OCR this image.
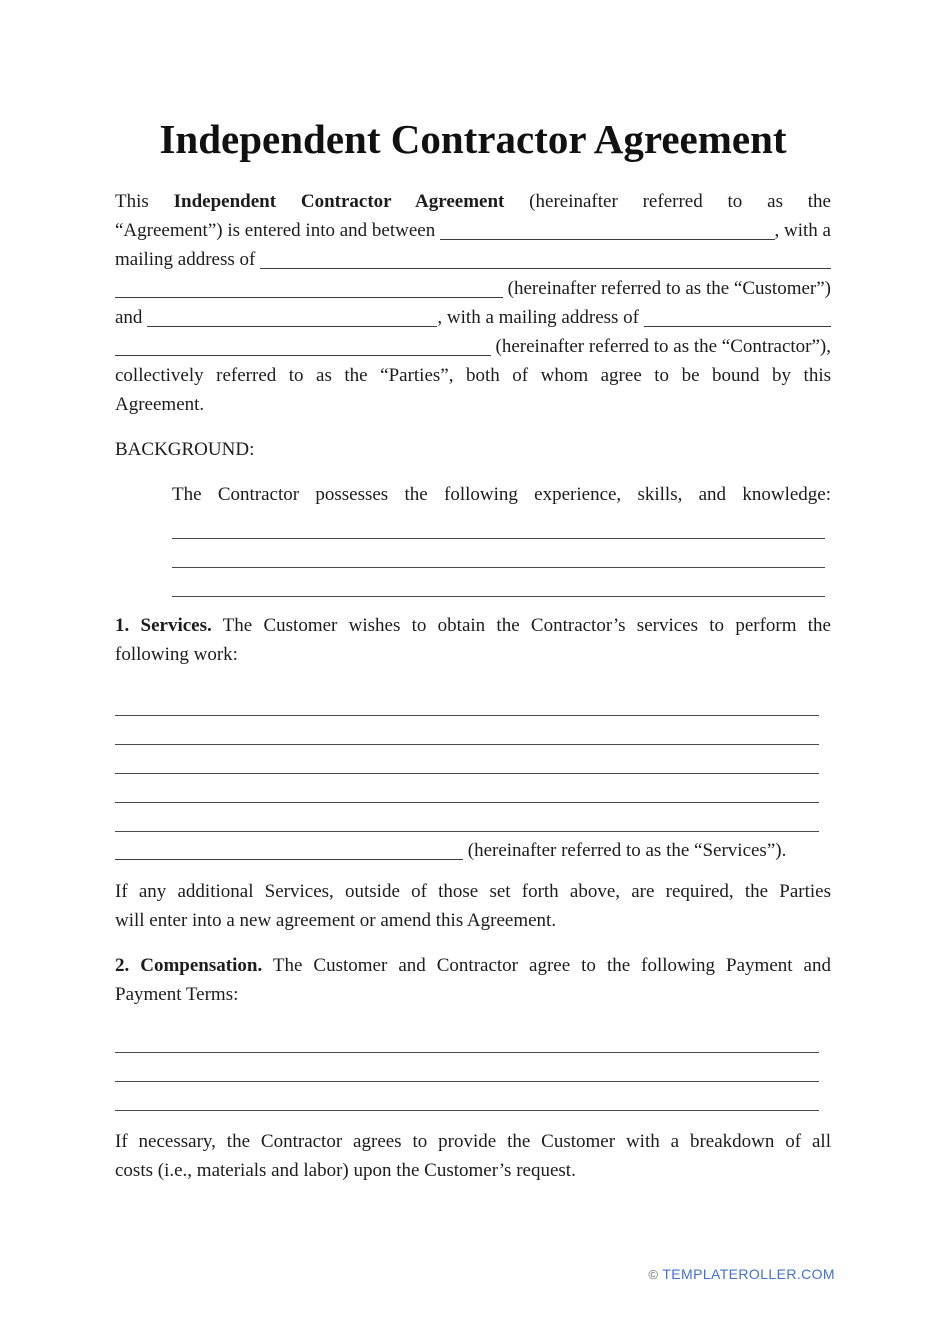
Independent Contractor Agreement
This Independent Contractor Agreement (hereinafter referred to as the
“Agreement”) is entered into and between	, with a
mailing address of
(hereinafter referred to as the “Customer”)
and	, with a mailing address of
(hereinafter referred to as the “Contractor”),
collectively referred to as the “Parties”, both of whom agree to be bound by this
Agreement.
BACKGROUND:
The Contractor possesses the following experience, skills, and knowledge:
1. Services. The Customer wishes to obtain the Contractor’s services to perform the
following work:
(hereinafter referred to as the “Services”).
If any additional Services, outside of those set forth above, are required, the Parties
will enter into a new agreement or amend this Agreement.
2. Compensation. The Customer and Contractor agree to the following Payment and
Payment Terms:
If necessary, the Contractor agrees to provide the Customer with a breakdown of all
costs (i.e., materials and labor) upon the Customer’s request.
© TEMPLATEROLLER.COM
